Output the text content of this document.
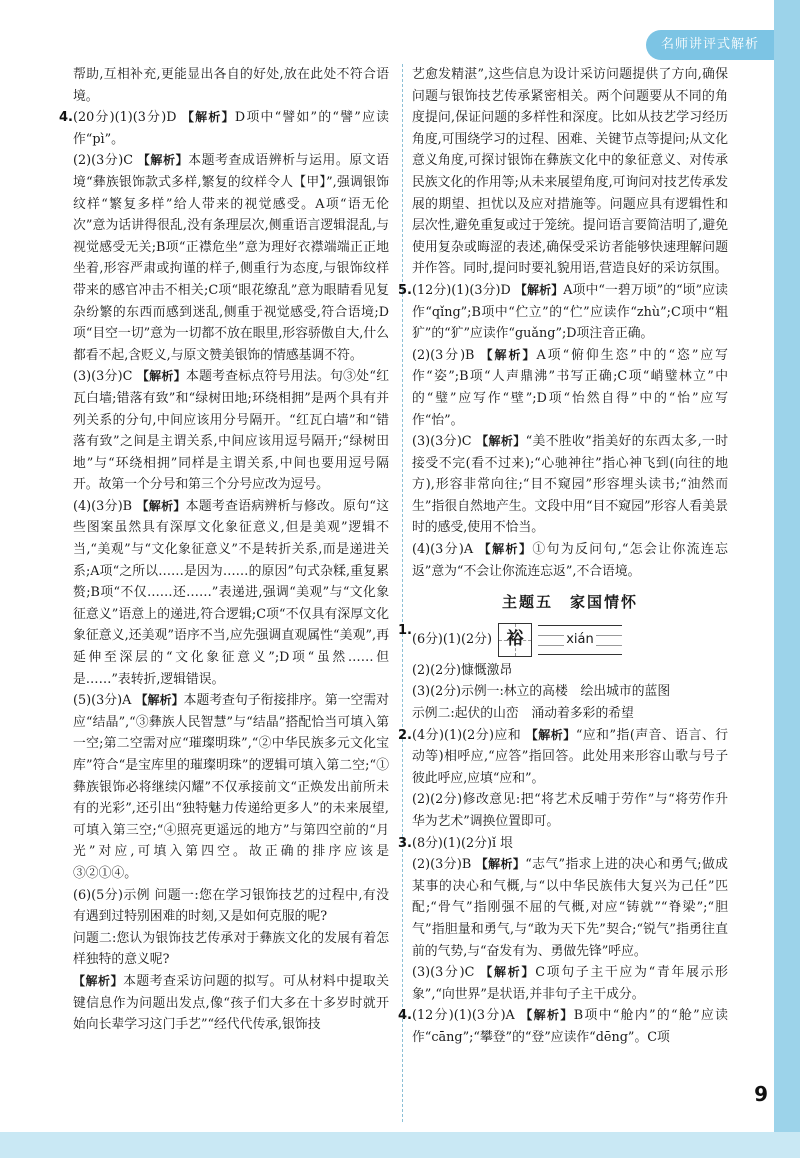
名师讲评式解析

帮助,互相补充,更能显出各自的好处,放在此处不符合语境。

4. (20分)(1)(3分)D 【解析】D项中“譬如”的“譬”应读作“pì”。

(2)(3分)C 【解析】本题考查成语辨析与运用。原文语境“彝族银饰款式多样,繁复的纹样令人【甲】”,强调银饰纹样“繁复多样”给人带来的视觉感受。A项“语无伦次”意为话讲得很乱,没有条理层次,侧重语言逻辑混乱,与视觉感受无关;B项“正襟危坐”意为理好衣襟端端正正地坐着,形容严肃或拘谨的样子,侧重行为态度,与银饰纹样带来的感官冲击不相关;C项“眼花缭乱”意为眼睛看见复杂纷繁的东西而感到迷乱,侧重于视觉感受,符合语境;D项“目空一切”意为一切都不放在眼里,形容骄傲自大,什么都看不起,含贬义,与原文赞美银饰的情感基调不符。

(3)(3分)C 【解析】本题考查标点符号用法。句③处“红瓦白墙;错落有致”和“绿树田地;环绕相拥”是两个具有并列关系的分句,中间应该用分号隔开。“红瓦白墙”和“错落有致”之间是主谓关系,中间应该用逗号隔开;“绿树田地”与“环绕相拥”同样是主谓关系,中间也要用逗号隔开。故第一个分号和第三个分号应改为逗号。

(4)(3分)B 【解析】本题考查语病辨析与修改。原句“这些图案虽然具有深厚文化象征意义,但是美观”逻辑不当,“美观”与“文化象征意义”不是转折关系,而是递进关系;A项“之所以……是因为……的原因”句式杂糅,重复累赘;B项“不仅……还……”表递进,强调“美观”与“文化象征意义”语意上的递进,符合逻辑;C项“不仅具有深厚文化象征意义,还美观”语序不当,应先强调直观属性“美观”,再延伸至深层的“文化象征意义”;D项“虽然……但是……”表转折,逻辑错误。

(5)(3分)A 【解析】本题考查句子衔接排序。第一空需对应“结晶”,“③彝族人民智慧”与“结晶”搭配恰当可填入第一空;第二空需对应“璀璨明珠”,“②中华民族多元文化宝库”符合“是宝库里的璀璨明珠”的逻辑可填入第二空;“①彝族银饰必将继续闪耀”不仅承接前文“正焕发出前所未有的光彩”,还引出“独特魅力传递给更多人”的未来展望,可填入第三空;“④照亮更遥远的地方”与第四空前的“月光”对应,可填入第四空。故正确的排序应该是③②①④。

(6)(5分)示例 问题一:您在学习银饰技艺的过程中,有没有遇到过特别困难的时刻,又是如何克服的呢?

问题二:您认为银饰技艺传承对于彝族文化的发展有着怎样独特的意义呢?

【解析】本题考查采访问题的拟写。可从材料中提取关键信息作为问题出发点,像“孩子们大多在十多岁时就开始向长辈学习这门手艺”“经代代传承,银饰技

艺愈发精湛”,这些信息为设计采访问题提供了方向,确保问题与银饰技艺传承紧密相关。两个问题要从不同的角度提问,保证问题的多样性和深度。比如从技艺学习经历角度,可围绕学习的过程、困难、关键节点等提问;从文化意义角度,可探讨银饰在彝族文化中的象征意义、对传承民族文化的作用等;从未来展望角度,可询问对技艺传承发展的期望、担忧以及应对措施等。问题应具有逻辑性和层次性,避免重复或过于笼统。提问语言要简洁明了,避免使用复杂或晦涩的表述,确保受采访者能够快速理解问题并作答。同时,提问时要礼貌用语,营造良好的采访氛围。

5. (12分)(1)(3分)D 【解析】A项中“一碧万顷”的“顷”应读作“qǐng”;B项中“伫立”的“伫”应读作“zhù”;C项中“粗犷”的“犷”应读作“guǎng”;D项注音正确。

(2)(3分)B 【解析】A项“俯仰生恣”中的“恣”应写作“姿”;B项“人声鼎沸”书写正确;C项“峭璧林立”中的“璧”应写作“壁”;D项“怡然自得”中的“怡”应写作“怡”。

(3)(3分)C 【解析】“美不胜收”指美好的东西太多,一时接受不完(看不过来);“心驰神往”指心神飞到(向往的地方),形容非常向往;“目不窥园”形容埋头读书;“油然而生”指很自然地产生。文段中用“目不窥园”形容人看美景时的感受,使用不恰当。

(4)(3分)A 【解析】①句为反问句,“怎会让你流连忘返”意为“不会让你流连忘返”,不合语境。

主题五　家国情怀
1.
(6分)(1)(2分) 裕	xián

(2)(2分)慷慨激昂

(3)(2分)示例一:林立的高楼　绘出城市的蓝图

示例二:起伏的山峦　涌动着多彩的希望

2. (4分)(1)(2分)应和 【解析】“应和”指(声音、语言、行动等)相呼应,“应答”指回答。此处用来形容山歌与号子彼此呼应,应填“应和”。

(2)(2分)修改意见:把“将艺术反哺于劳作”与“将劳作升华为艺术”调换位置即可。

3. (8分)(1)(2分)ǐ 垠

(2)(3分)B 【解析】“志气”指求上进的决心和勇气;做成某事的决心和气概,与“以中华民族伟大复兴为己任”匹配;“骨气”指刚强不屈的气概,对应“铸就”“脊梁”;“胆气”指胆量和勇气,与“敢为天下先”契合;“锐气”指勇往直前的气势,与“奋发有为、勇做先锋”呼应。

(3)(3分)C 【解析】C项句子主干应为“青年展示形象”,“向世界”是状语,并非句子主干成分。

4. (12分)(1)(3分)A 【解析】B项中“舱内”的“舱”应读作“cāng”;“攀登”的“登”应读作“dēng”。C项

9
